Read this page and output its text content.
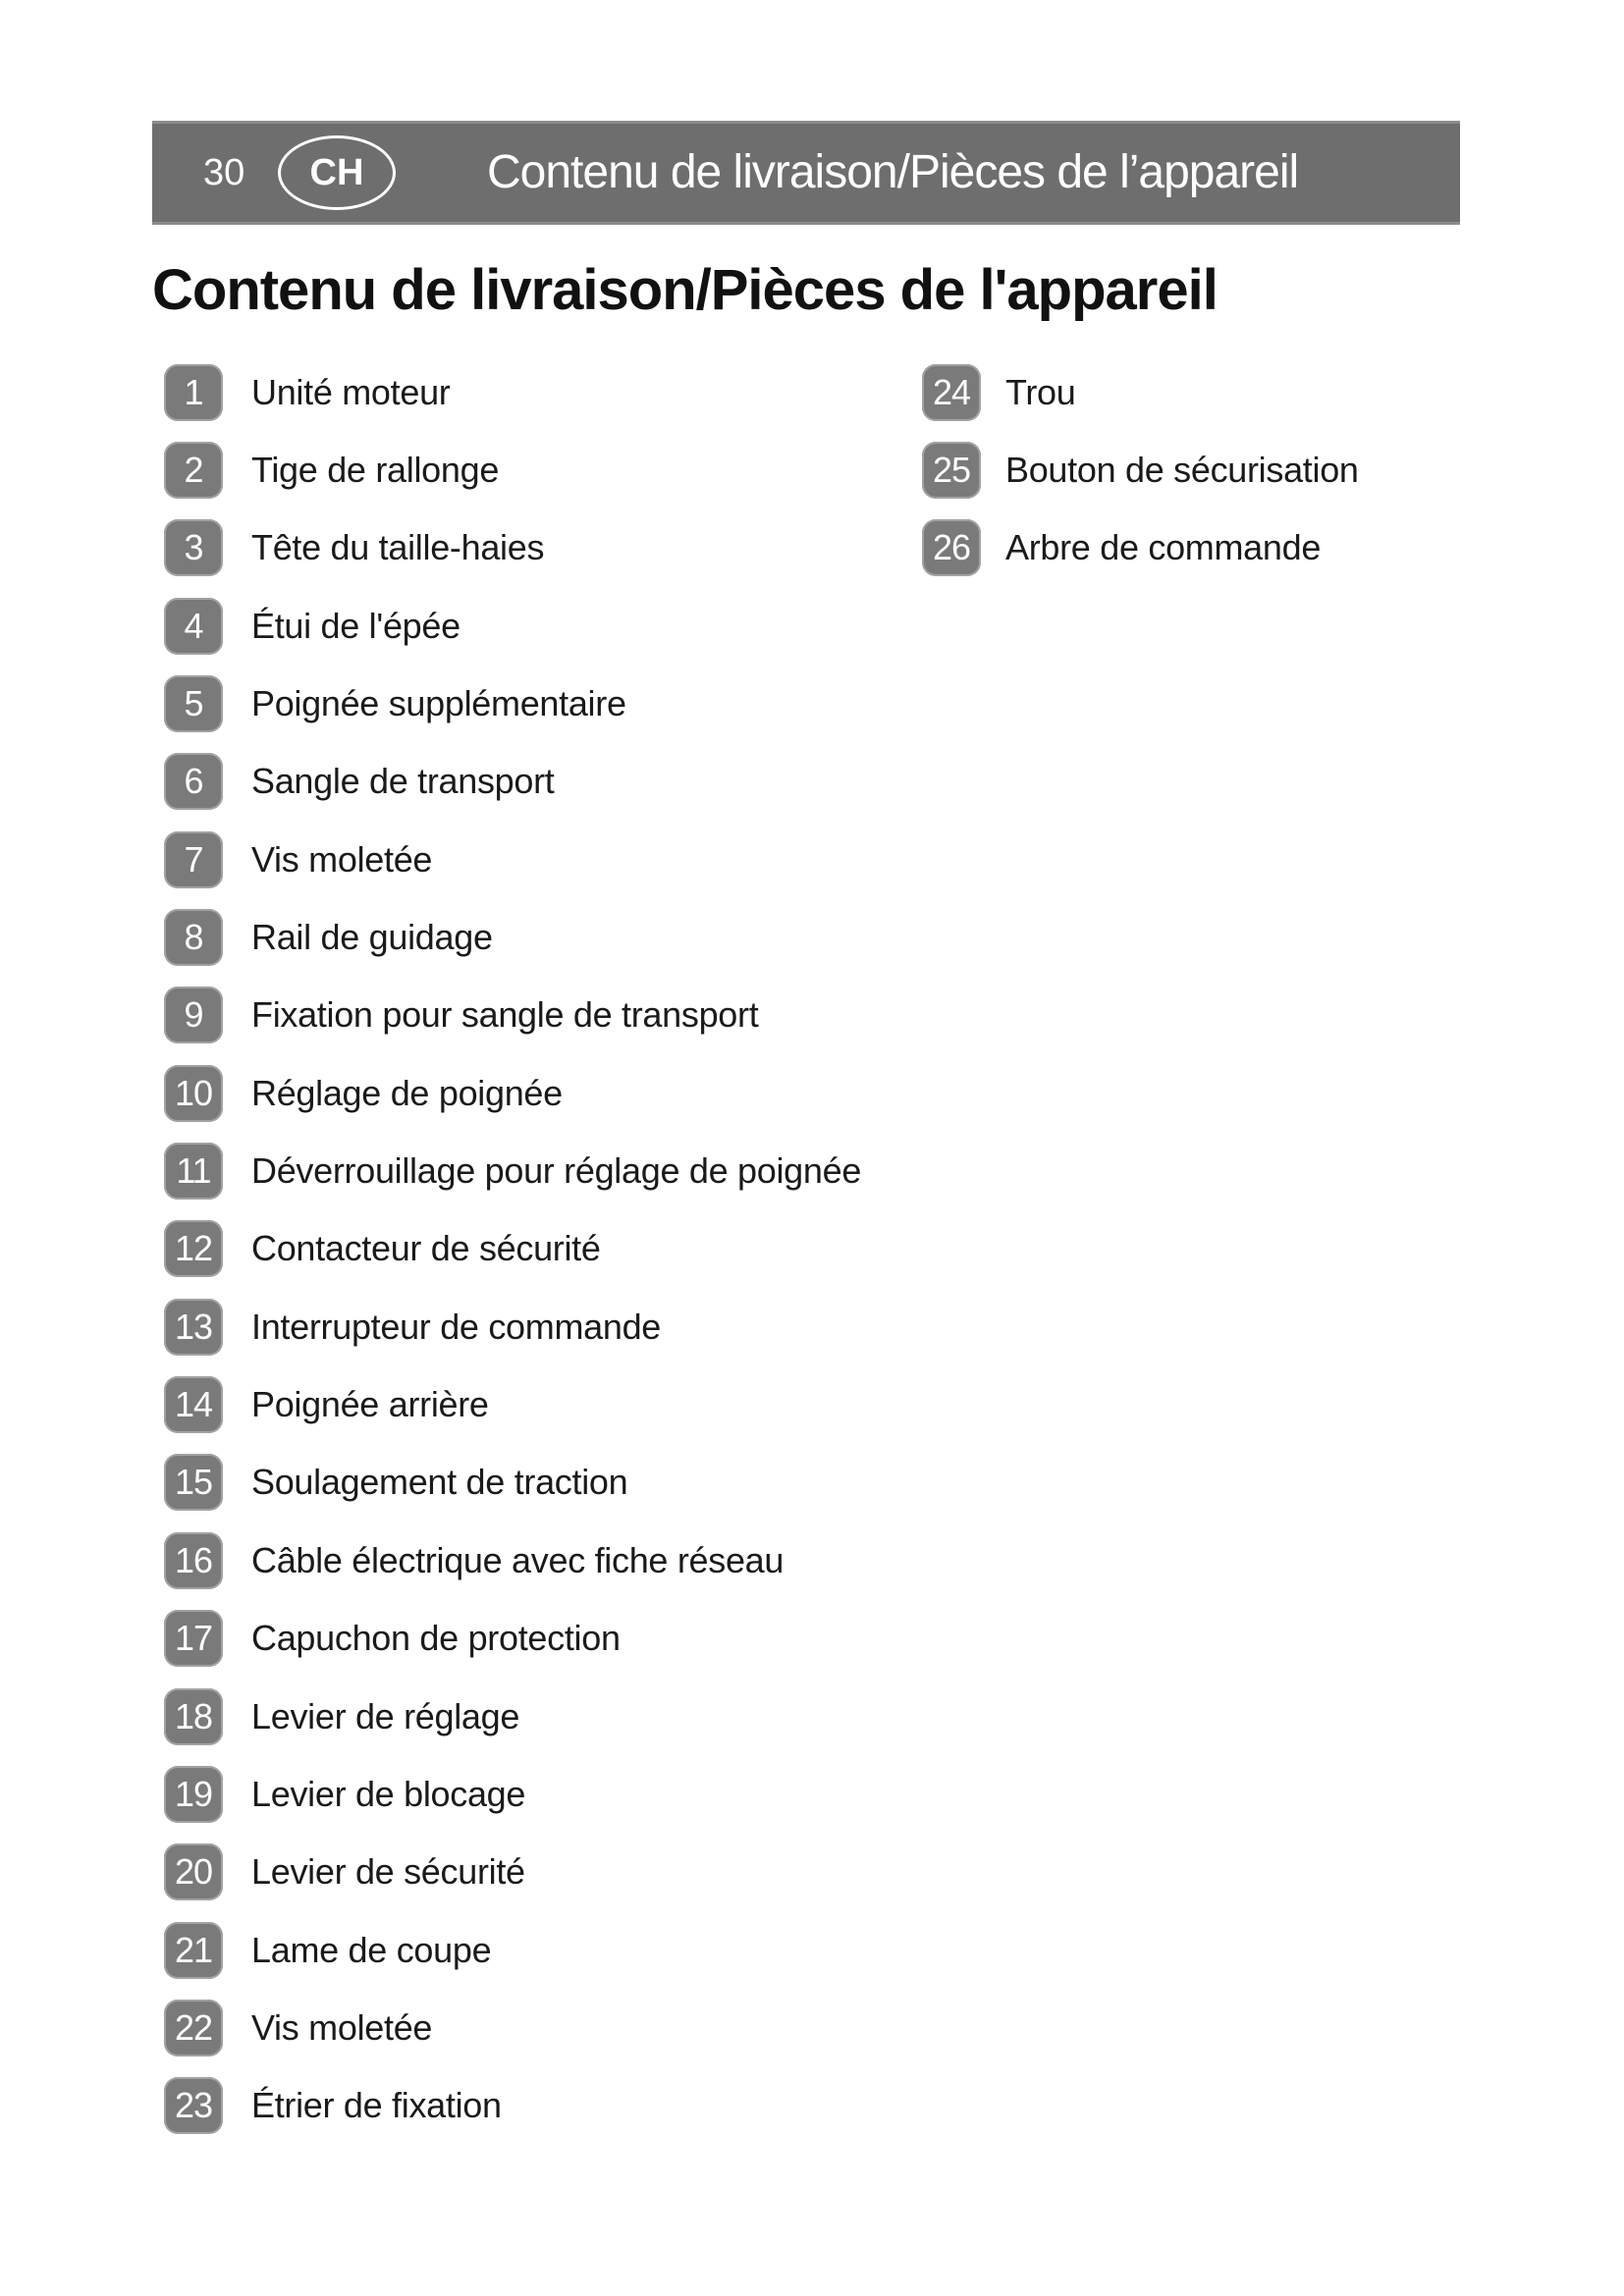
30	CH	Contenu de livraison/Pièces de l’appareil
Contenu de livraison/Pièces de l'appareil
1	Unité moteur
2	Tige de rallonge
3	Tête du taille-haies
4	Étui de l'épée
5	Poignée supplémentaire
6	Sangle de transport
7	Vis moletée
8	Rail de guidage
9	Fixation pour sangle de transport
10	Réglage de poignée
11	Déverrouillage pour réglage de poignée
12	Contacteur de sécurité
13	Interrupteur de commande
14	Poignée arrière
15	Soulagement de traction
16	Câble électrique avec fiche réseau
17	Capuchon de protection
18	Levier de réglage
19	Levier de blocage
20	Levier de sécurité
21	Lame de coupe
22	Vis moletée
23	Étrier de fixation
24 Trou
25 Bouton de sécurisation
26 Arbre de commande
